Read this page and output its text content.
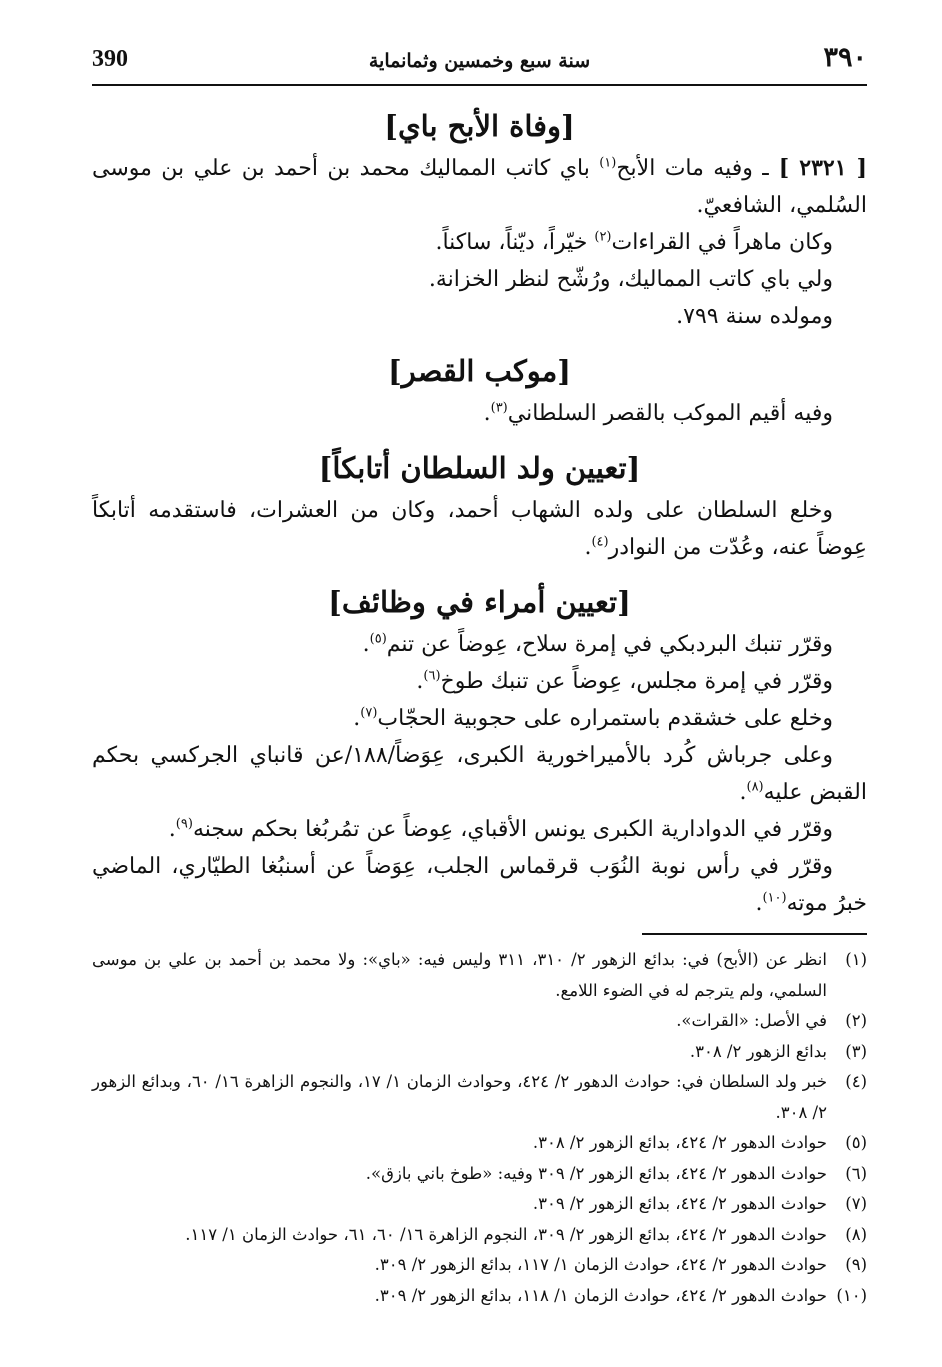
٣٩٠
سنة سبع وخمسين وثمانماية
390
[وفاة الأبح باي]

[ ٢٣٢١ ] ـ وفيه مات الأبح$^{(١)}$ باي كاتب المماليك محمد بن أحمد بن علي بن موسى السُلمي، الشافعيّ.

وكان ماهراً في القراءات$^{(٢)}$ خيّراً، ديّناً، ساكناً.

ولي باي كاتب المماليك، ورُشّح لنظر الخزانة.

ومولده سنة ٧٩٩.

[موكب القصر]

وفيه أقيم الموكب بالقصر السلطاني$^{(٣)}$.

[تعيين ولد السلطان أتابكاً]

وخلع السلطان على ولده الشهاب أحمد، وكان من العشرات، فاستقدمه أتابكاً عِوضاً عنه، وعُدّت من النوادر$^{(٤)}$.

[تعيين أمراء في وظائف]

وقرّر تنبك البردبكي في إمرة سلاح، عِوضاً عن تنم$^{(٥)}$.

وقرّر في إمرة مجلس، عِوضاً عن تنبك طوخ$^{(٦)}$.

وخلع على خشقدم باستمراره على حجوبية الحجّاب$^{(٧)}$.

وعلى جرباش كُرد بالأميراخورية الكبرى، عِوَضاً/١٨٨/عن قانباي الجركسي بحكم القبض عليه$^{(٨)}$.

وقرّر في الدوادارية الكبرى يونس الأقباي، عِوضاً عن تمُربُغا بحكم سجنه$^{(٩)}$.

وقرّر في رأس نوبة النُوَب قرقماس الجلب، عِوَضاً عن أسنبُغا الطيّاري، الماضي خبرُ موته$^{(١٠)}$.

(١)
انظر عن (الأبح) في: بدائع الزهور ٢/ ٣١٠، ٣١١ وليس فيه: «باي»: ولا محمد بن أحمد بن علي بن موسى السلمي، ولم يترجم له في الضوء اللامع.
(٢)
في الأصل: «القرات».
(٣)
بدائع الزهور ٢/ ٣٠٨.
(٤)
خبر ولد السلطان في: حوادث الدهور ٢/ ٤٢٤، وحوادث الزمان ١/ ١٧، والنجوم الزاهرة ١٦/ ٦٠، وبدائع الزهور ٢/ ٣٠٨.
(٥)
حوادث الدهور ٢/ ٤٢٤، بدائع الزهور ٢/ ٣٠٨.
(٦)
حوادث الدهور ٢/ ٤٢٤، بدائع الزهور ٢/ ٣٠٩ وفيه: «طوخ باني بازق».
(٧)
حوادث الدهور ٢/ ٤٢٤، بدائع الزهور ٢/ ٣٠٩.
(٨)
حوادث الدهور ٢/ ٤٢٤، بدائع الزهور ٢/ ٣٠٩، النجوم الزاهرة ١٦/ ٦٠، ٦١، حوادث الزمان ١/ ١١٧.
(٩)
حوادث الدهور ٢/ ٤٢٤، حوادث الزمان ١/ ١١٧، بدائع الزهور ٢/ ٣٠٩.
(١٠)
حوادث الدهور ٢/ ٤٢٤، حوادث الزمان ١/ ١١٨، بدائع الزهور ٢/ ٣٠٩.
